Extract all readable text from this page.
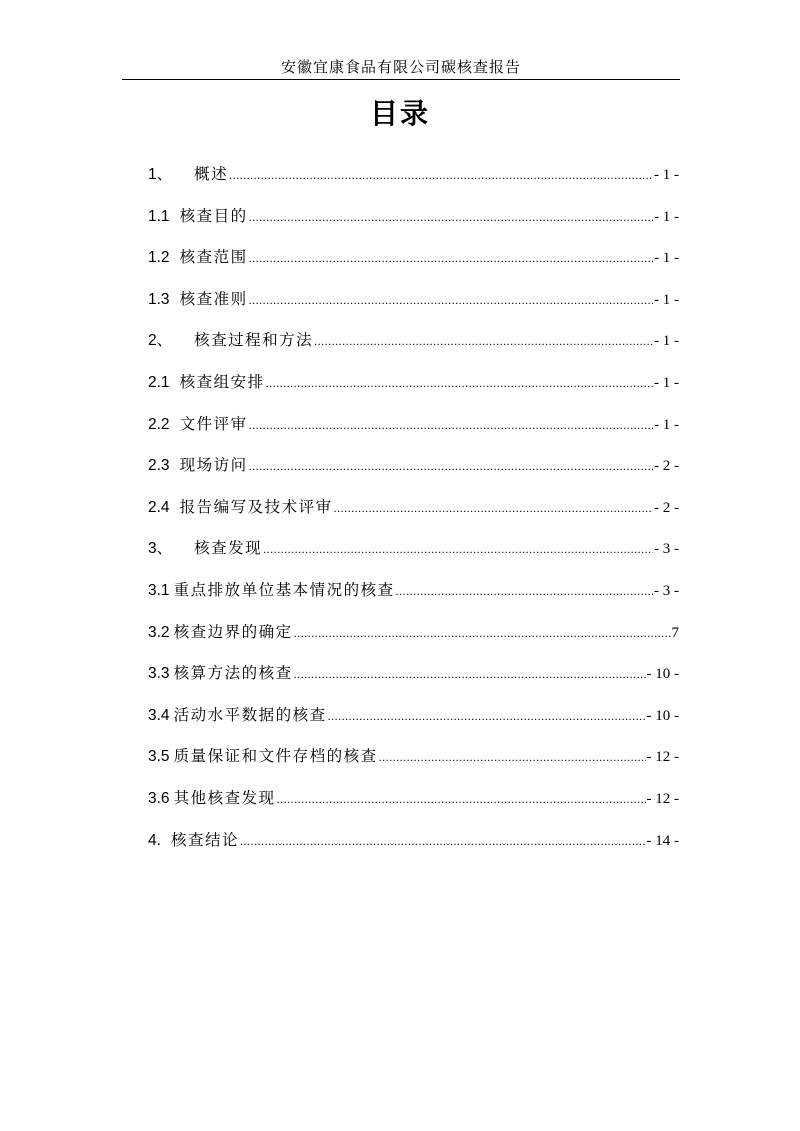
安徽宜康食品有限公司碳核查报告
目录
1、 概述 .....	- 1 -
1.1 核查目的 .....	- 1 -
1.2 核查范围 .....	- 1 -
1.3 核查准则 .....	- 1 -
2、 核查过程和方法 .....	- 1 -
2.1 核查组安排 .....	- 1 -
2.2 文件评审 .....	- 1 -
2.3 现场访问 .....	- 2 -
2.4 报告编写及技术评审 .....	- 2 -
3、 核查发现 .....	- 3 -
3.1 重点排放单位基本情况的核查 .....	- 3 -
3.2 核查边界的确定 .....	7
3.3 核算方法的核查 .....	- 10 -
3.4 活动水平数据的核查 .....	- 10 -
3.5 质量保证和文件存档的核查 .....	- 12 -
3.6 其他核查发现 .....	- 12 -
4. 核查结论 .....	- 14 -
